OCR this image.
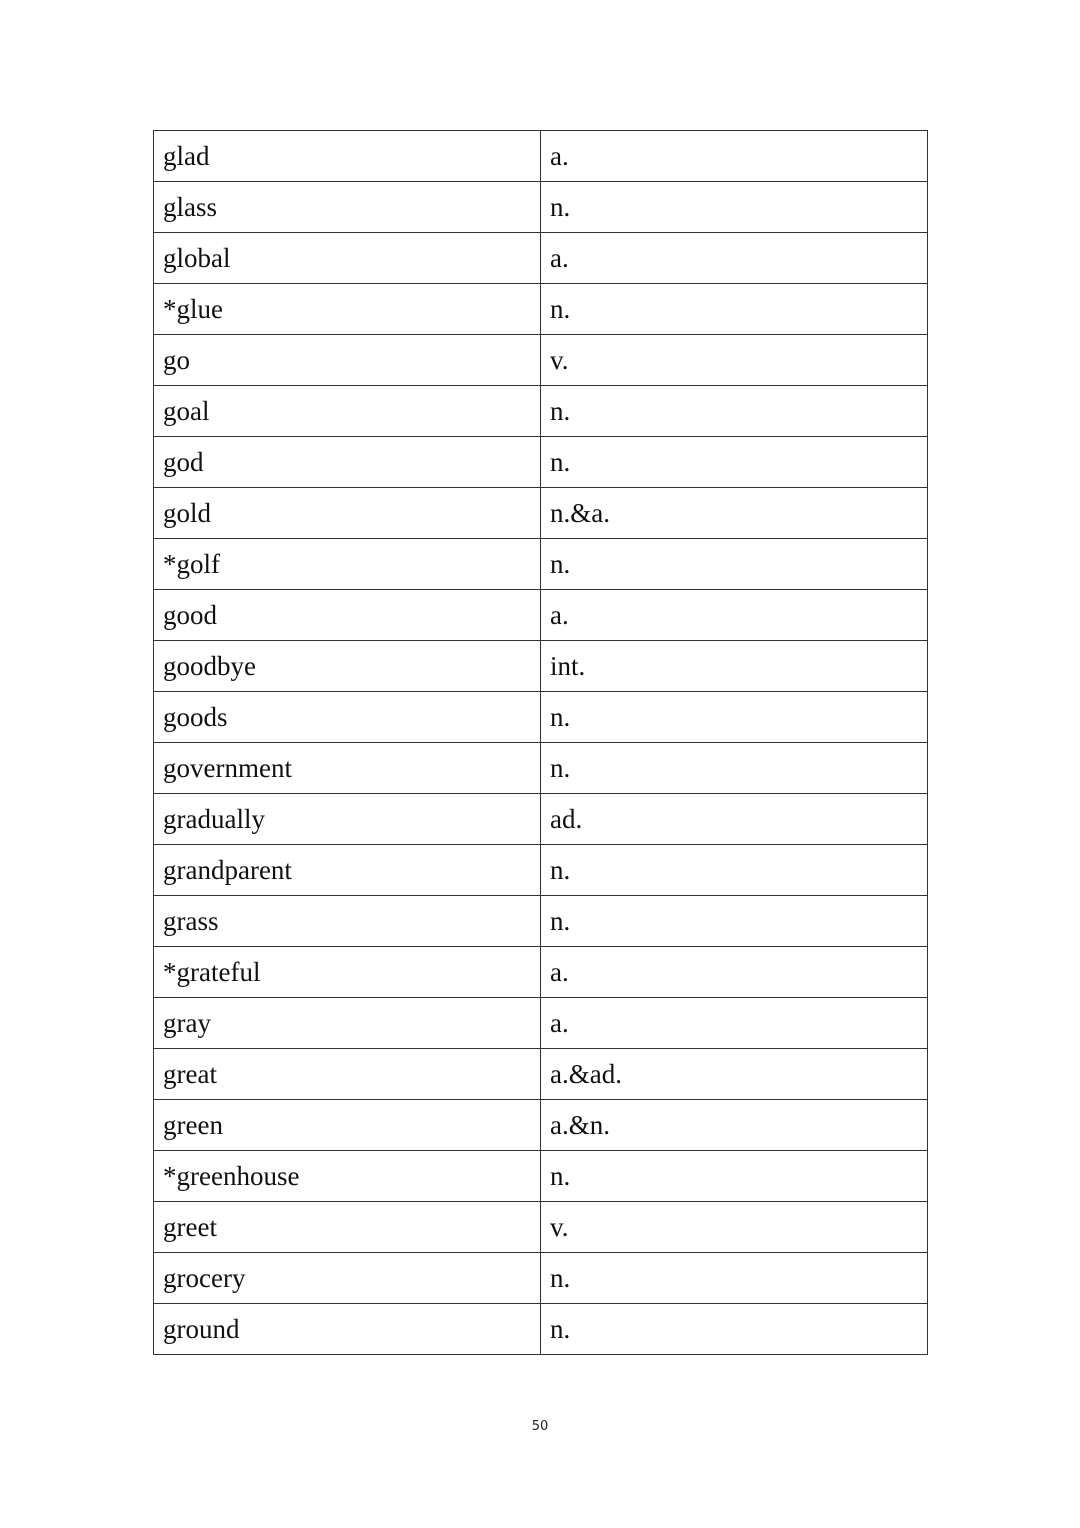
glad	a.
glass	n.
global	a.
*glue	n.
go	v.
goal	n.
god	n.
gold	n.&a.
*golf	n.
good	a.
goodbye	int.
goods	n.
government	n.
gradually	ad.
grandparent	n.
grass	n.
*grateful	a.
gray	a.
great	a.&ad.
green	a.&n.
*greenhouse	n.
greet	v.
grocery	n.
ground	n.
50
